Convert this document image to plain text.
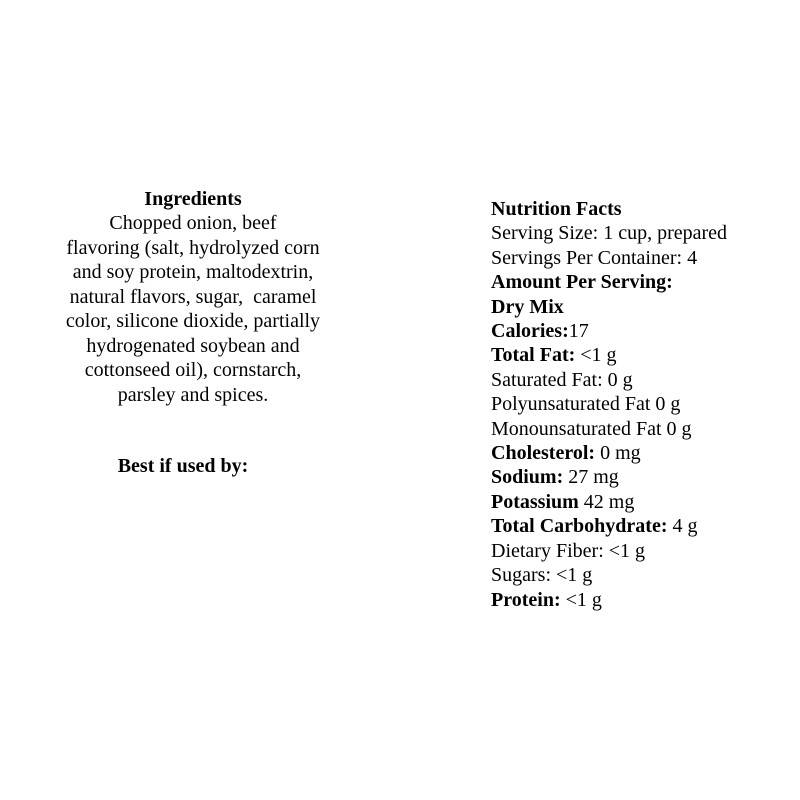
Ingredients
Chopped onion, beef
flavoring (salt, hydrolyzed corn
and soy protein, maltodextrin,
natural flavors, sugar,  caramel
color, silicone dioxide, partially
hydrogenated soybean and
cottonseed oil), cornstarch,
parsley and spices.
Best if used by:
Nutrition Facts
Serving Size: 1 cup, prepared
Servings Per Container: 4
Amount Per Serving:
Dry Mix
Calories:17
Total Fat: <1 g
Saturated Fat: 0 g
Polyunsaturated Fat 0 g
Monounsaturated Fat 0 g
Cholesterol: 0 mg
Sodium: 27 mg
Potassium 42 mg
Total Carbohydrate: 4 g
Dietary Fiber: <1 g
Sugars: <1 g
Protein: <1 g
